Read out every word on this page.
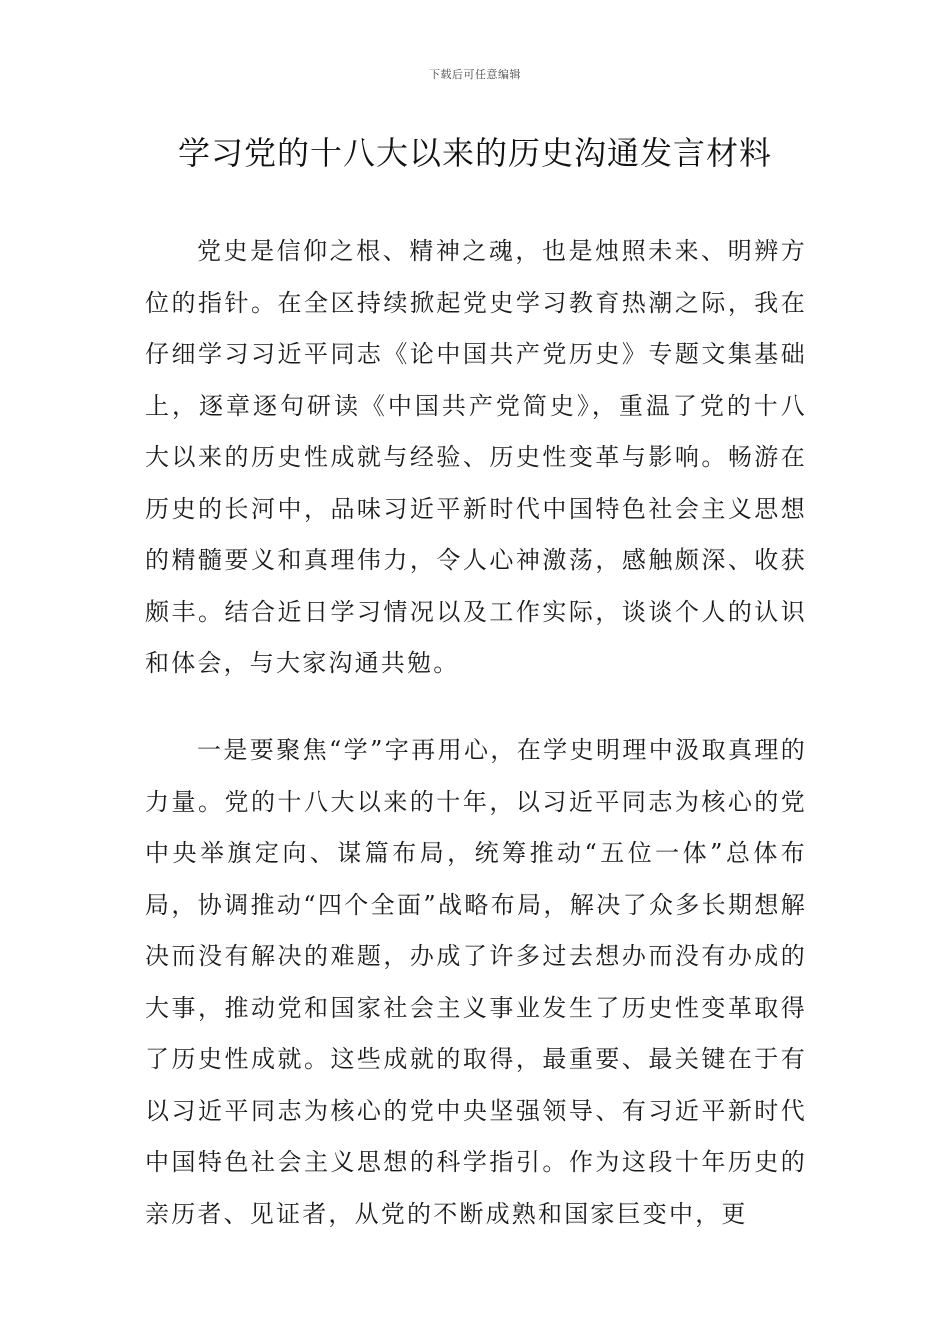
下载后可任意编辑
学习党的十八大以来的历史沟通发言材料

党史是信仰之根、精神之魂，也是烛照未来、明辨方位的指针。在全区持续掀起党史学习教育热潮之际，我在仔细学习习近平同志《论中国共产党历史》专题文集基础上，逐章逐句研读《中国共产党简史》，重温了党的十八大以来的历史性成就与经验、历史性变革与影响。畅游在历史的长河中，品味习近平新时代中国特色社会主义思想的精髓要义和真理伟力，令人心神激荡，感触颇深、收获颇丰。结合近日学习情况以及工作实际，谈谈个人的认识和体会，与大家沟通共勉。

一是要聚焦“学”字再用心，在学史明理中汲取真理的力量。党的十八大以来的十年，以习近平同志为核心的党中央举旗定向、谋篇布局，统筹推动“五位一体”总体布局，协调推动“四个全面”战略布局，解决了众多长期想解决而没有解决的难题，办成了许多过去想办而没有办成的大事，推动党和国家社会主义事业发生了历史性变革取得了历史性成就。这些成就的取得，最重要、最关键在于有以习近平同志为核心的党中央坚强领导、有习近平新时代中国特色社会主义思想的科学指引。作为这段十年历史的亲历者、见证者，从党的不断成熟和国家巨变中，更
